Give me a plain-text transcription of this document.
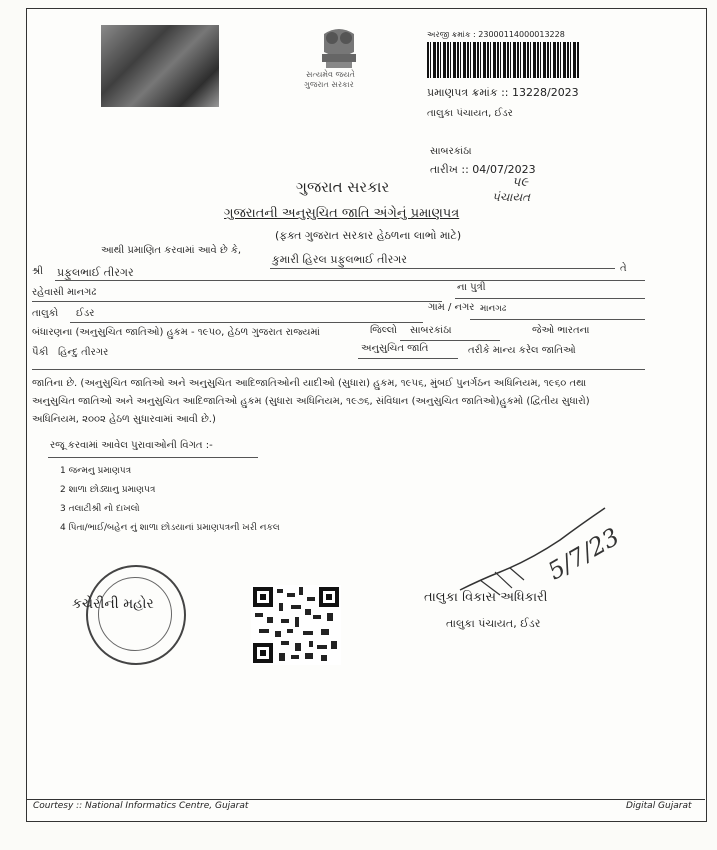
સત્યમેવ જયતે
ગુજરાત સરકાર
અરજી ક્રમાંક : 23000114000013228
પ્રમાણપત્ર ક્રમાંક :: 13228/2023
તાલુકા પંચાયત, ઈડર
સાબરકાંઠા
તારીખ :: 04/07/2023
પ૯
પંચાયત
ગુજરાત સરકાર
ગુજરાતની અનુસુચિત જાતિ અંગેનું પ્રમાણપત્ર
(ફક્ત ગુજરાત સરકાર હેઠળના લાભો માટે)
આથી પ્રમાણિત કરવામાં આવે છે કે,
કુમારી હિરલ પ્રફુલભાઈ તીરગર
તે
શ્રી પ્રફુલભાઈ તીરગર
રહેવાસી માનગઢ	ના પુત્રી
તાલુકો ઈડર
ગામ / નગર માનગઢ
જિલ્લો સાબરકાંઠા	જેઓ ભારતના
બંધારણના (અનુસુચિત જાતિઓ) હુકમ - ૧૯૫૦, હેઠળ ગુજરાત રાજ્યમાં
અનુસુચિત જાતિ	તરીકે માન્ય કરેલ જાતિઓ
પૈકી હિન્દુ તીરગર
જાતિના છે. (અનુસુચિત જાતિઓ અને અનુસુચિત આદિજાતિઓની યાદીઓ (સુધારા) હુકમ, ૧૯૫૬, મુંબઈ પુનર્ગઠન અધિનિયમ, ૧૯૬૦ તથા
અનુસુચિત જાતિઓ અને અનુસુચિત આદિજાતિઓ હુકમ (સુધારા અધિનિયમ, ૧૯૭૬, સંવિધાન (અનુસુચિત જાતિઓ)હુકમો (દ્વિતીય સુધારો)
અધિનિયમ, ૨૦૦૨ હેઠળ સુધારવામાં આવી છે.)
રજૂ કરવામાં આવેલ પુરાવાઓની વિગત :-
1 જન્મનુ પ્રમાણપત્ર
2 શાળા છોડ્યાનુ પ્રમાણપત્ર
3 તલાટીશ્રી નો દાખલો
4 પિતા/ભાઈ/બહેન નું શાળા છોડયાનાં પ્રમાણપત્રની ખરી નકલ
કચેરીની મહોર
5/7/23
તાલુકા વિકાસ અધિકારી
તાલુકા પંચાયત, ઈડર
Courtesy :: National Informatics Centre, Gujarat	Digital Gujarat
